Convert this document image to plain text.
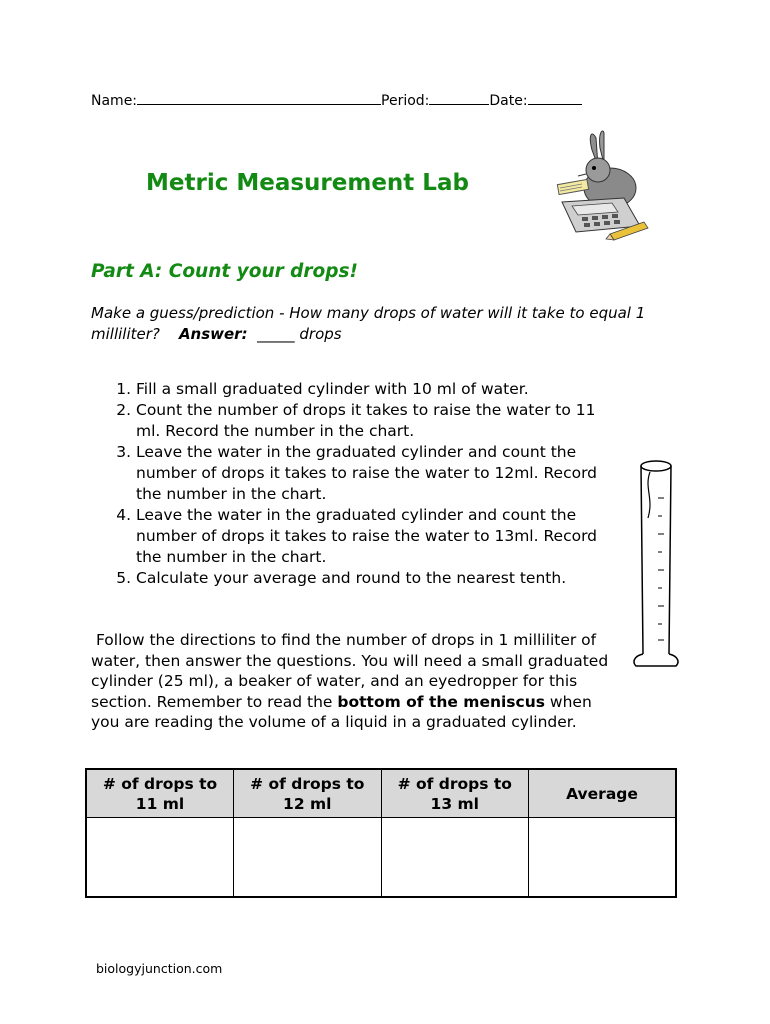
Name:	Period:	Date:
Metric Measurement Lab
Part A: Count your drops!
Make a guess/prediction - How many drops of water will it take to equal 1 milliliter? Answer: _____ drops
1. Fill a small graduated cylinder with 10 ml of water.
2. Count the number of drops it takes to raise the water to 11 ml. Record the number in the chart.
3. Leave the water in the graduated cylinder and count the number of drops it takes to raise the water to 12ml. Record the number in the chart.
4. Leave the water in the graduated cylinder and count the number of drops it takes to raise the water to 13ml. Record the number in the chart.
5. Calculate your average and round to the nearest tenth.
Follow the directions to find the number of drops in 1 milliliter of water, then answer the questions. You will need a small graduated cylinder (25 ml), a beaker of water, and an eyedropper for this section. Remember to read the bottom of the meniscus when you are reading the volume of a liquid in a graduated cylinder.
# of drops to 11 ml	# of drops to 12 ml	# of drops to 13 ml	Average

biologyjunction.com
